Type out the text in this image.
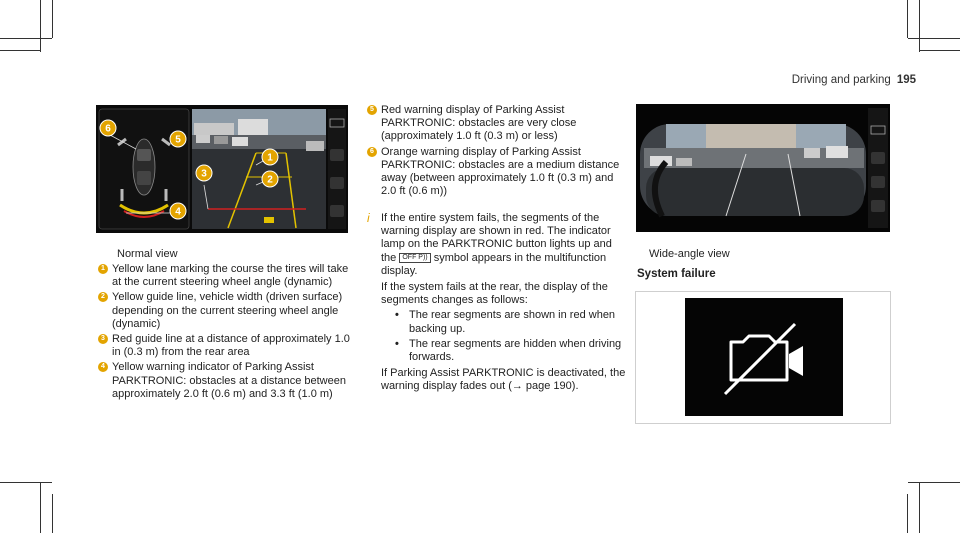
Driving and parking 195
6
5
4
3
1
2
Normal view
1 Yellow lane marking the course the tires will take at the current steering wheel angle (dynamic)
2 Yellow guide line, vehicle width (driven surface) depending on the current steering wheel angle (dynamic)
3 Red guide line at a distance of approximately 1.0 in (0.3 m) from the rear area
4 Yellow warning indicator of Parking Assist PARKTRONIC: obstacles at a distance between approximately 2.0 ft (0.6 m) and 3.3 ft (1.0 m)
5 Red warning display of Parking Assist PARKTRONIC: obstacles are very close (approximately 1.0 ft (0.3 m) or less)
6 Orange warning display of Parking Assist PARKTRONIC: obstacles are a medium distance away (between approximately 1.0 ft (0.3 m) and 2.0 ft (0.6 m))
i If the entire system fails, the segments of the warning display are shown in red. The indicator lamp on the PARKTRONIC button lights up and the OFF P)) symbol appears in the multifunction display.
If the system fails at the rear, the display of the segments changes as follows:
• The rear segments are shown in red when backing up.
• The rear segments are hidden when driving forwards.
If Parking Assist PARKTRONIC is deactivated, the warning display fades out (→ page 190).
Wide-angle view
System failure
